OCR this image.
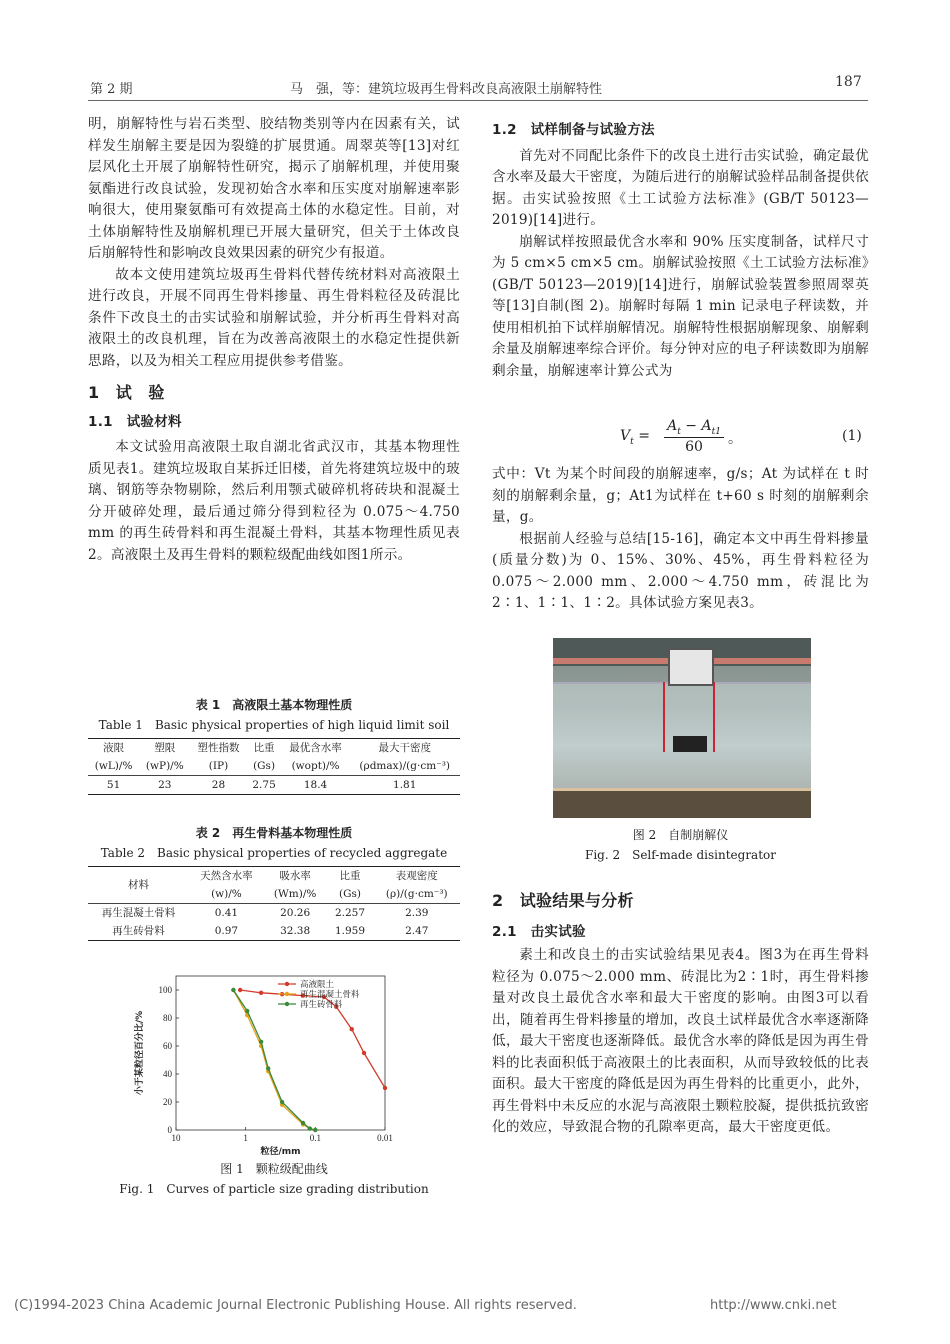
第 2 期	马　强，等：建筑垃圾再生骨料改良高液限土崩解特性	187

明，崩解特性与岩石类型、胶结物类别等内在因素有关，试样发生崩解主要是因为裂缝的扩展贯通。周翠英等[13]对红层风化土开展了崩解特性研究，揭示了崩解机理，并使用聚氨酯进行改良试验，发现初始含水率和压实度对崩解速率影响很大，使用聚氨酯可有效提高土体的水稳定性。目前，对土体崩解特性及崩解机理已开展大量研究，但关于土体改良后崩解特性和影响改良效果因素的研究少有报道。

故本文使用建筑垃圾再生骨料代替传统材料对高液限土进行改良，开展不同再生骨料掺量、再生骨料粒径及砖混比条件下改良土的击实试验和崩解试验，并分析再生骨料对高液限土的改良机理，旨在为改善高液限土的水稳定性提供新思路，以及为相关工程应用提供参考借鉴。

1　试　验
1.1　试验材料

本文试验用高液限土取自湖北省武汉市，其基本物理性质见表1。建筑垃圾取自某拆迁旧楼，首先将建筑垃圾中的玻璃、钢筋等杂物剔除，然后利用颚式破碎机将砖块和混凝土分开破碎处理，最后通过筛分得到粒径为 0.075～4.750 mm 的再生砖骨料和再生混凝土骨料，其基本物理性质见表2。高液限土及再生骨料的颗粒级配曲线如图1所示。

表 1　高液限土基本物理性质
Table 1　Basic physical properties of high liquid limit soil
液限	塑限	塑性指数	比重	最优含水率	最大干密度
(wL)/%	(wP)/%	(IP)	(Gs)	(wopt)/%	(ρdmax)/(g·cm⁻³)
51	23	28	2.75	18.4	1.81
表 2　再生骨料基本物理性质
Table 2　Basic physical properties of recycled aggregate
材料	天然含水率	吸水率	比重	表观密度
	(w)/%	(Wm)/%	(Gs)	(ρ)/(g·cm⁻³)
再生混凝土骨料	0.41	20.26	2.257	2.39
再生砖骨料	0.97	32.38	1.959	2.47
10	1	0.1	0.01
0
20
40
60
80
100
粒径/mm
小于某粒径百分比/%
高液限土
再生混凝土骨料
再生砖骨料
图 1　颗粒级配曲线
Fig. 1　Curves of particle size grading distribution
1.2　试样制备与试验方法

首先对不同配比条件下的改良土进行击实试验，确定最优含水率及最大干密度，为随后进行的崩解试验样品制备提供依据。击实试验按照《土工试验方法标准》(GB/T 50123—2019)[14]进行。

崩解试样按照最优含水率和 90% 压实度制备，试样尺寸为 5 cm×5 cm×5 cm。崩解试验按照《土工试验方法标准》(GB/T 50123—2019)[14]进行，崩解试验装置参照周翠英等[13]自制(图 2)。崩解时每隔 1 min 记录电子秤读数，并使用相机拍下试样崩解情况。崩解特性根据崩解现象、崩解剩余量及崩解速率综合评价。每分钟对应的电子秤读数即为崩解剩余量，崩解速率计算公式为

$V_t$ =
$A_t - A_{t1}$
60	。	(1)

式中：Vt 为某个时间段的崩解速率，g/s；At 为试样在 t 时刻的崩解剩余量，g；At1为试样在 t+60 s 时刻的崩解剩余量，g。

根据前人经验与总结[15-16]，确定本文中再生骨料掺量(质量分数)为 0、15%、30%、45%，再生骨料粒径为 0.075～2.000 mm、2.000～4.750 mm，砖混比为 2∶1、1∶1、1∶2。具体试验方案见表3。

图 2　自制崩解仪
Fig. 2　Self-made disintegrator
2　试验结果与分析
2.1　击实试验

素土和改良土的击实试验结果见表4。图3为在再生骨料粒径为 0.075～2.000 mm、砖混比为2∶1时，再生骨料掺量对改良土最优含水率和最大干密度的影响。由图3可以看出，随着再生骨料掺量的增加，改良土试样最优含水率逐渐降低，最大干密度也逐渐降低。最优含水率的降低是因为再生骨料的比表面积低于高液限土的比表面积，从而导致较低的比表面积。最大干密度的降低是因为再生骨料的比重更小，此外，再生骨料中未反应的水泥与高液限土颗粒胶凝，提供抵抗致密化的效应，导致混合物的孔隙率更高，最大干密度更低。

(C)1994-2023 China Academic Journal Electronic Publishing House. All rights reserved.	http://www.cnki.net
